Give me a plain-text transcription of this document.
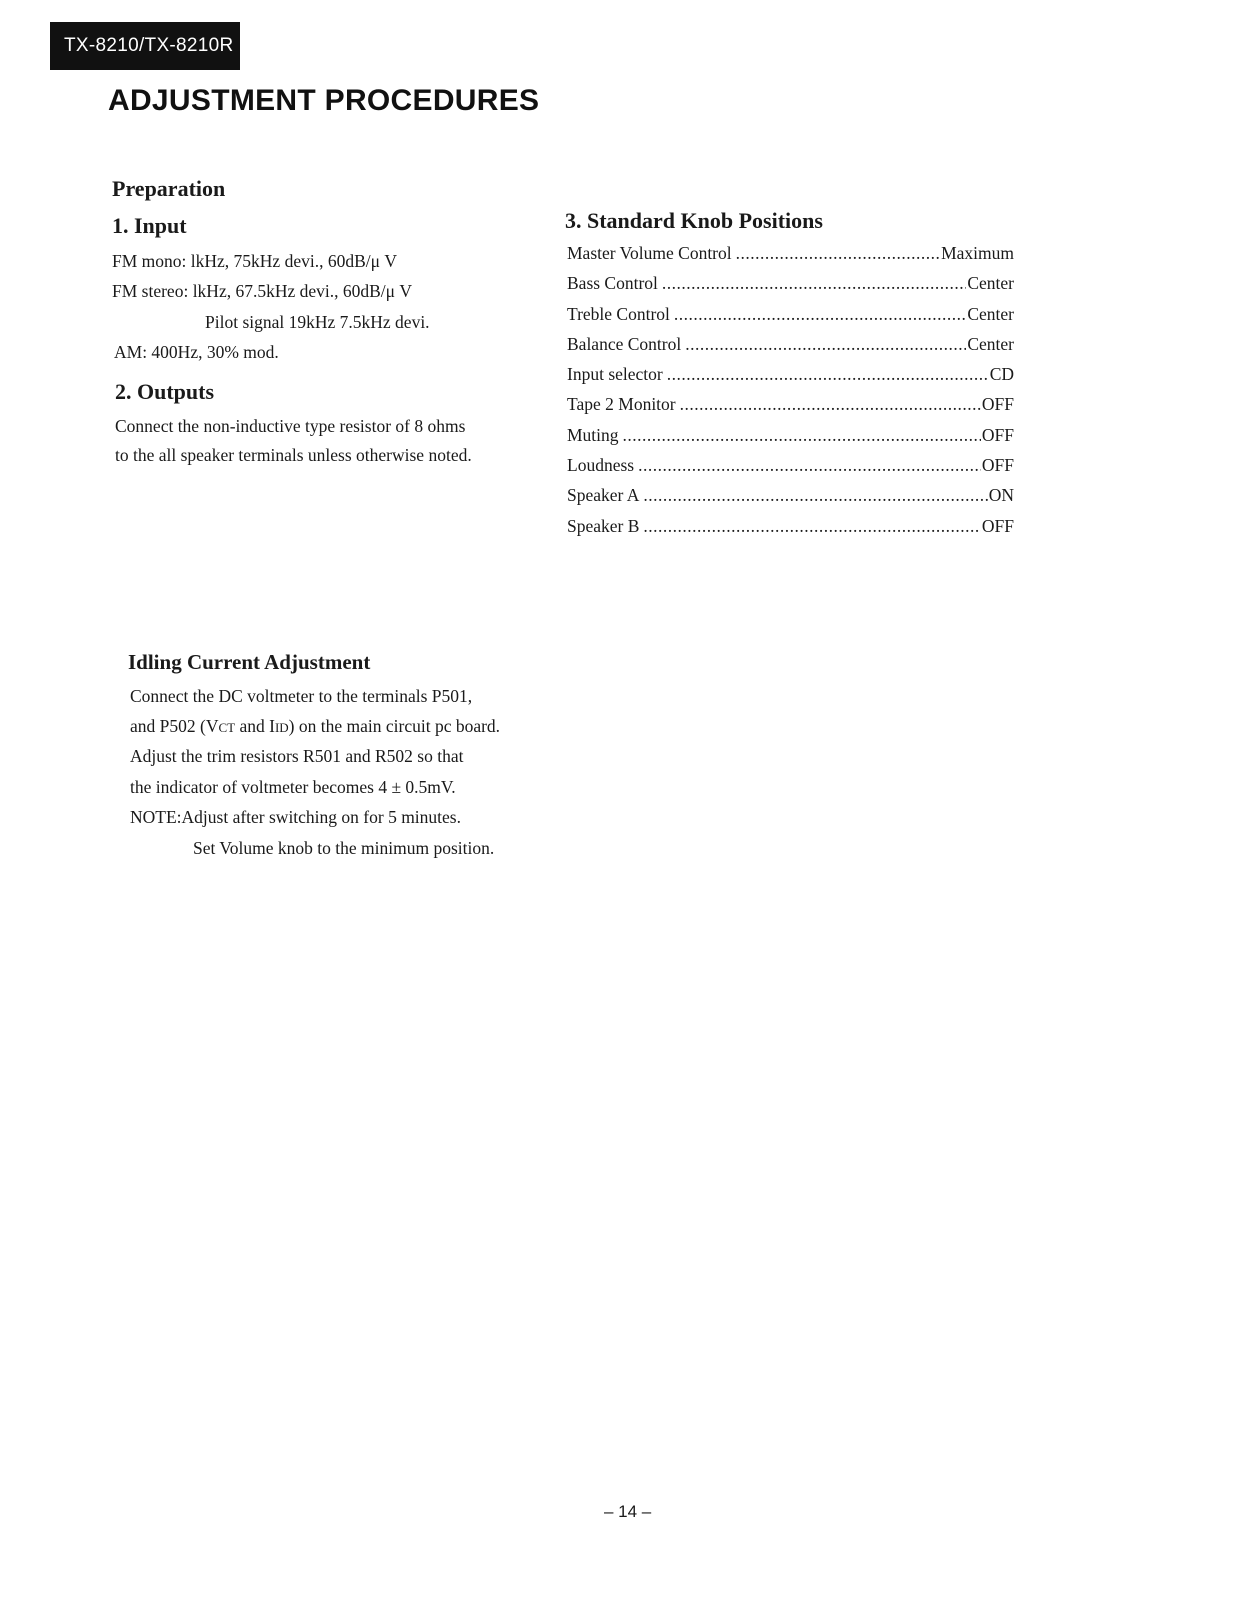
TX-8210/TX-8210R
ADJUSTMENT PROCEDURES
Preparation
1. Input
FM mono: lkHz, 75kHz devi., 60dB/μ V
FM stereo: lkHz, 67.5kHz devi., 60dB/μ V
Pilot signal 19kHz 7.5kHz devi.
AM: 400Hz, 30% mod.
2. Outputs
Connect the non-inductive type resistor of 8 ohms
to the all speaker terminals unless otherwise noted.
3. Standard Knob Positions
Master Volume Control .....	Maximum
Bass Control .....	Center
Treble Control .....	Center
Balance Control .....	Center
Input selector .....	CD
Tape 2 Monitor .....	OFF
Muting .....	OFF
Loudness .....	OFF
Speaker A .....	ON
Speaker B .....	OFF
Idling Current Adjustment
Connect the DC voltmeter to the terminals P501,
and P502 (VCT and IID) on the main circuit pc board.
Adjust the trim resistors R501 and R502 so that
the indicator of voltmeter becomes 4 ± 0.5mV.
NOTE:Adjust after switching on for 5 minutes.
Set Volume knob to the minimum position.
– 14 –
